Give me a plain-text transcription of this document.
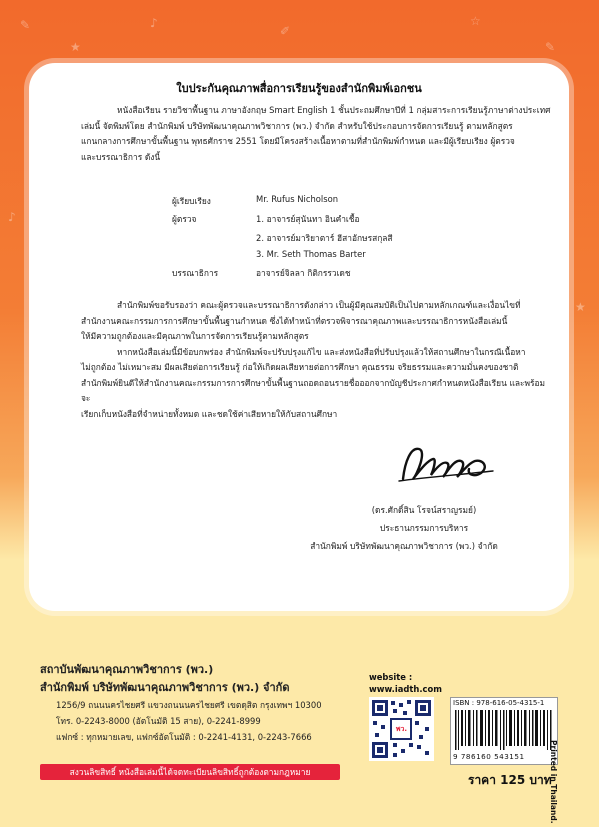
✎
★
♪
✐
☆
✎
♪
★
ใบประกันคุณภาพสื่อการเรียนรู้ของสำนักพิมพ์เอกชน
หนังสือเรียน รายวิชาพื้นฐาน ภาษาอังกฤษ Smart English 1 ชั้นประถมศึกษาปีที่ 1 กลุ่มสาระการเรียนรู้ภาษาต่างประเทศ
เล่มนี้ จัดพิมพ์โดย สำนักพิมพ์ บริษัทพัฒนาคุณภาพวิชาการ (พว.) จำกัด สำหรับใช้ประกอบการจัดการเรียนรู้ ตามหลักสูตร
แกนกลางการศึกษาขั้นพื้นฐาน พุทธศักราช 2551 โดยมีโครงสร้างเนื้อหาตามที่สำนักพิมพ์กำหนด และมีผู้เรียบเรียง ผู้ตรวจ
และบรรณาธิการ ดังนี้
ผู้เรียบเรียง	Mr. Rufus Nicholson
ผู้ตรวจ	1. อาจารย์สุนันทา อินคำเชื้อ
2. อาจารย์มาริยาตาร์ ฮีสาอักษรสกุลสี
3. Mr. Seth Thomas Barter
บรรณาธิการ	อาจารย์จิลลา กิติกรรวเดช
สำนักพิมพ์ขอรับรองว่า คณะผู้ตรวจและบรรณาธิการดังกล่าว เป็นผู้มีคุณสมบัติเป็นไปตามหลักเกณฑ์และเงื่อนไขที่
สำนักงานคณะกรรมการการศึกษาขั้นพื้นฐานกำหนด ซึ่งได้ทำหน้าที่ตรวจพิจารณาคุณภาพและบรรณาธิการหนังสือเล่มนี้
ให้มีความถูกต้องและมีคุณภาพในการจัดการเรียนรู้ตามหลักสูตร
หากหนังสือเล่มนี้มีข้อบกพร่อง สำนักพิมพ์จะปรับปรุงแก้ไข และส่งหนังสือที่ปรับปรุงแล้วให้สถานศึกษาในกรณีเนื้อหา
ไม่ถูกต้อง ไม่เหมาะสม มีผลเสียต่อการเรียนรู้ ก่อให้เกิดผลเสียหายต่อการศึกษา คุณธรรม จริยธรรมและความมั่นคงของชาติ
สำนักพิมพ์ยินดีให้สำนักงานคณะกรรมการการศึกษาขั้นพื้นฐานถอดถอนรายชื่อออกจากบัญชีประกาศกำหนดหนังสือเรียน และพร้อมจะ
เรียกเก็บหนังสือที่จำหน่ายทั้งหมด และชดใช้ค่าเสียหายให้กับสถานศึกษา
(ดร.ศักดิ์สิน โรจน์สราญรมย์)
ประธานกรรมการบริหาร
สำนักพิมพ์ บริษัทพัฒนาคุณภาพวิชาการ (พว.) จำกัด
สถาบันพัฒนาคุณภาพวิชาการ (พว.)
สำนักพิมพ์ บริษัทพัฒนาคุณภาพวิชาการ (พว.) จำกัด
1256/9 ถนนนครไชยศรี แขวงถนนนครไชยศรี เขตดุสิต กรุงเทพฯ 10300
โทร. 0-2243-8000 (อัตโนมัติ 15 สาย), 0-2241-8999
แฟกซ์ : ทุกหมายเลข, แฟกซ์อัตโนมัติ : 0-2241-4131, 0-2243-7666
สงวนลิขสิทธิ์ หนังสือเล่มนี้ได้จดทะเบียนลิขสิทธิ์ถูกต้องตามกฎหมาย
website :
www.iadth.com
พว.
ISBN : 978-616-05-4315-1
9 786160 543151	Printed in Thailand.
ราคา 125 บาท
